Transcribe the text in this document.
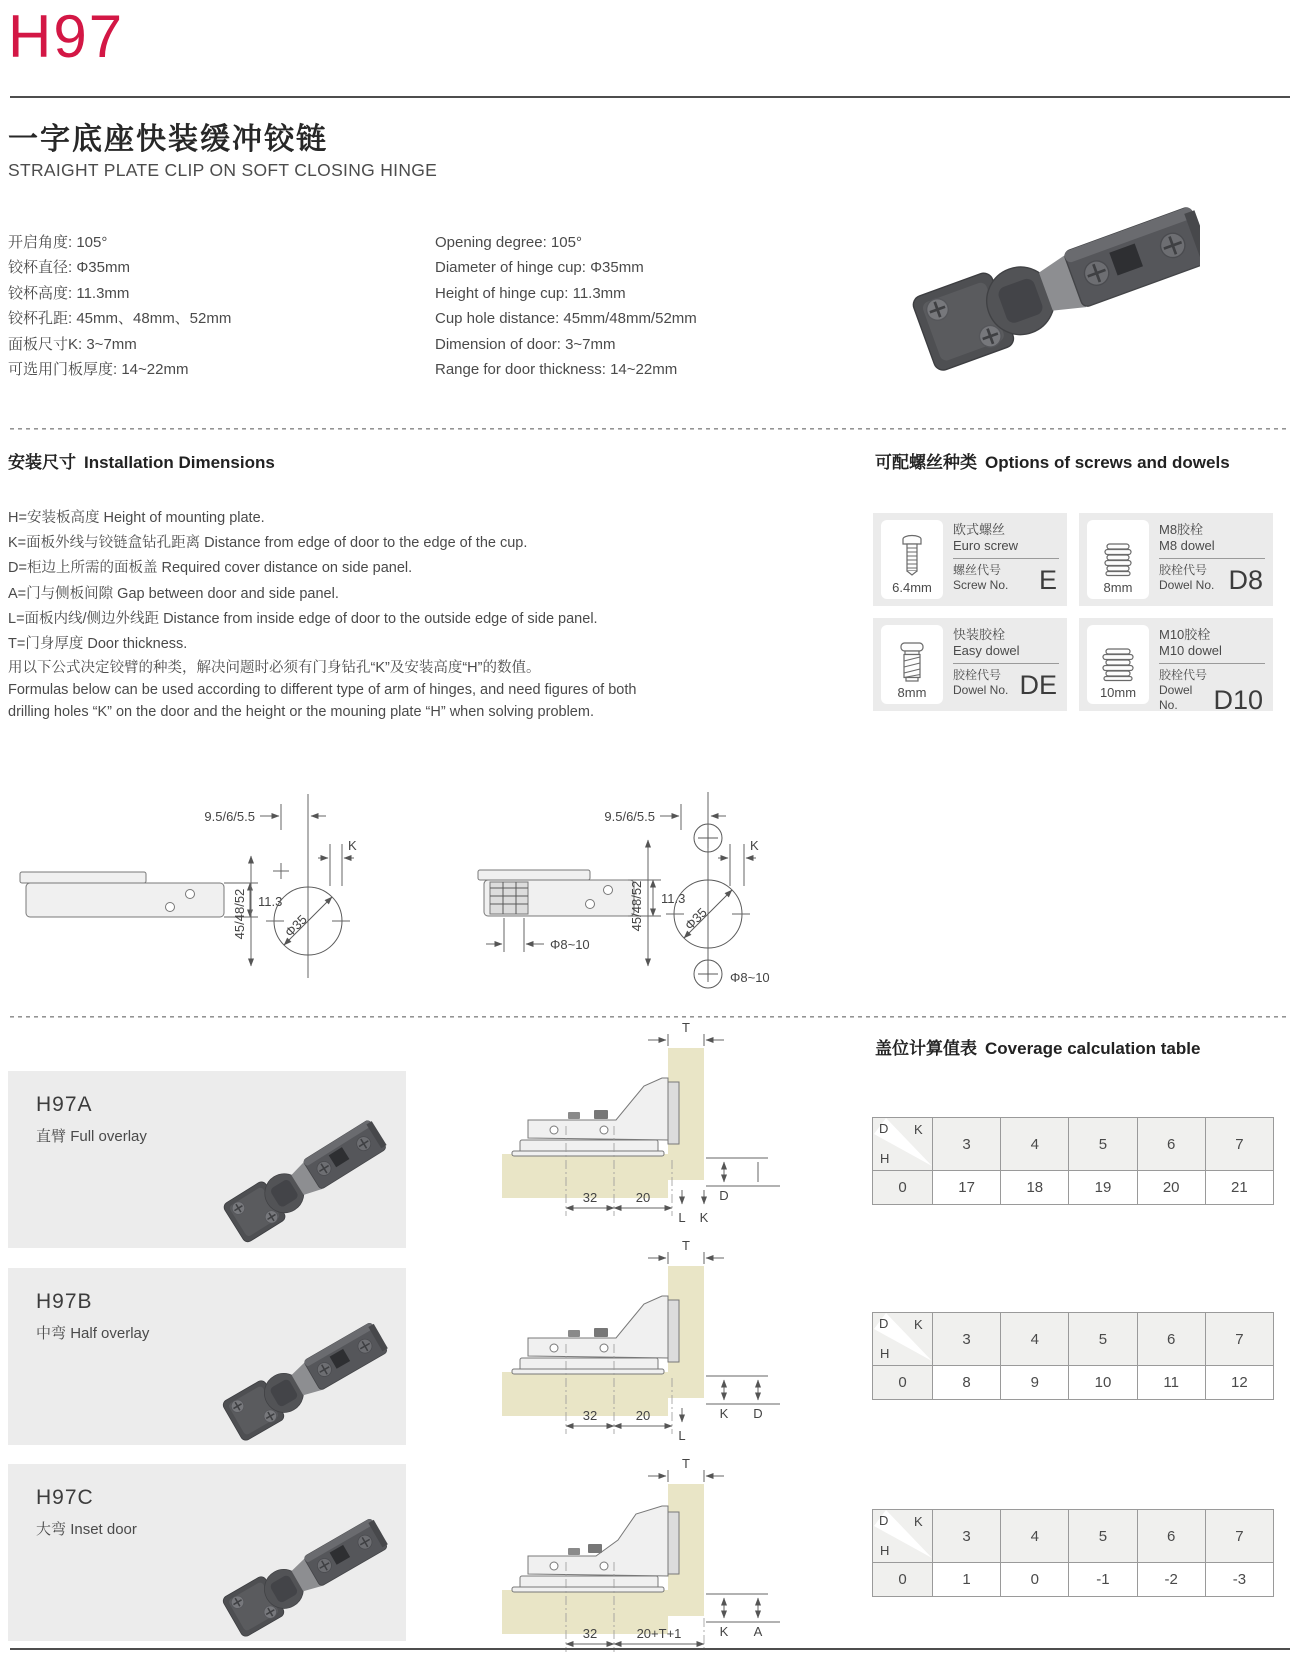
H97
一字底座快装缓冲铰链
STRAIGHT PLATE CLIP ON SOFT CLOSING HINGE
开启角度: 105°
铰杯直径: Φ35mm
铰杯高度: 11.3mm
铰杯孔距: 45mm、48mm、52mm
面板尺寸K: 3~7mm
可选用门板厚度: 14~22mm
Opening degree: 105°
Diameter of hinge cup: Φ35mm
Height of hinge cup: 11.3mm
Cup hole distance: 45mm/48mm/52mm
Dimension of door: 3~7mm
Range for door thickness: 14~22mm
安装尺寸 Installation Dimensions	可配螺丝种类 Options of screws and dowels
H=安装板高度 Height of mounting plate.
K=面板外线与铰链盒钻孔距离 Distance from edge of door to the edge of the cup.
D=柜边上所需的面板盖 Required cover distance on side panel.
A=门与侧板间隙 Gap between door and side panel.
L=面板内线/侧边外线距 Distance from inside edge of door to the outside edge of side panel.
T=门身厚度 Door thickness.
用以下公式决定铰臂的种类，解决问题时必须有门身钻孔“K”及安装高度“H”的数值。
Formulas below can be used according to different type of arm of hinges, and need figures of both drilling holes “K” on the door and the height or the mouning plate “H” when solving problem.
6.4mm
欧式螺丝
Euro screw
螺丝代号
Screw No. E	8mm
M8胶栓
M8 dowel
胶栓代号
Dowel No. D8
8mm
快装胶栓
Easy dowel
胶栓代号
Dowel No. DE	10mm
M10胶栓
M10 dowel
胶栓代号
Dowel No.	D10
11.3
9.5/6/5.5
K
45/48/52	Φ35
11.3
Φ8~10
9.5/6/5.5
Φ35
45/48/52
K
Φ8~10
盖位计算值表 Coverage calculation table
H97A
直臂 Full overlay
H97B
中弯 Half overlay
H97C
大弯 Inset door
T
32	20
L K
D
T
32	20
L
K D
T
32	20+T+1	K A
D K
H	3	4	5	6	7
0	17	18	19	20	21
D K
H	3	4	5	6	7
0	8	9	10	11	12
D K
H	3	4	5	6	7
0	1	0	-1	-2	-3
